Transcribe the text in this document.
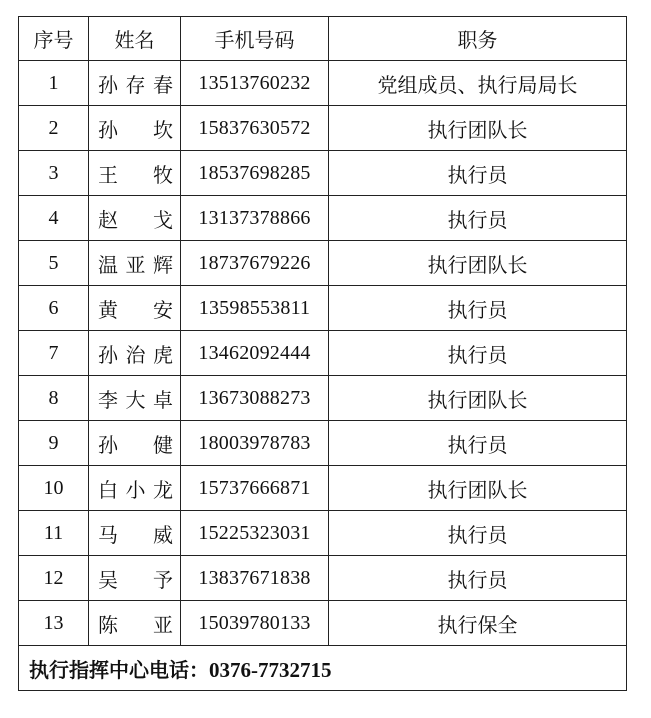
序号	姓名	手机号码	职务
1	孙存春	13513760232	党组成员、执行局局长
2	孙坎	15837630572	执行团队长
3	王牧	18537698285	执行员
4	赵戈	13137378866	执行员
5	温亚辉	18737679226	执行团队长
6	黄安	13598553811	执行员
7	孙治虎	13462092444	执行员
8	李大卓	13673088273	执行团队长
9	孙健	18003978783	执行员
10	白小龙	15737666871	执行团队长
11	马威	15225323031	执行员
12	吴予	13837671838	执行员
13	陈亚	15039780133	执行保全
执行指挥中心电话：0376-7732715			
